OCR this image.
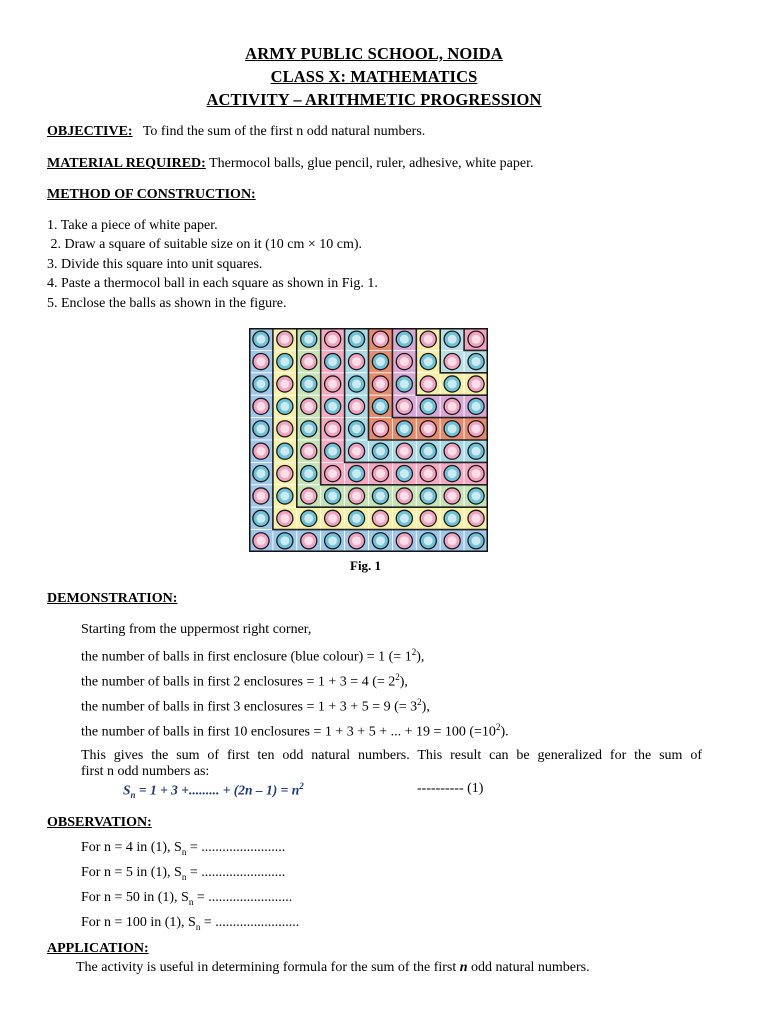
ARMY PUBLIC SCHOOL, NOIDA
CLASS X: MATHEMATICS
ACTIVITY – ARITHMETIC PROGRESSION
OBJECTIVE: To find the sum of the first n odd natural numbers.
MATERIAL REQUIRED: Thermocol balls, glue pencil, ruler, adhesive, white paper.
METHOD OF CONSTRUCTION:
1. Take a piece of white paper.
2. Draw a square of suitable size on it (10 cm × 10 cm).
3. Divide this square into unit squares.
4. Paste a thermocol ball in each square as shown in Fig. 1.
5. Enclose the balls as shown in the figure.
Fig. 1
DEMONSTRATION:
Starting from the uppermost right corner,
the number of balls in first enclosure (blue colour) = 1 (= $1^2$),
the number of balls in first 2 enclosures = 1 + 3 = 4 (= $2^2$),
the number of balls in first 3 enclosures = 1 + 3 + 5 = 9 (= $3^2$),
the number of balls in first 10 enclosures = 1 + 3 + 5 + ... + 19 = 100 $(=10^2)$.
This gives the sum of first ten odd natural numbers. This result can be generalized for the sum of
first n odd numbers as:
$S_n = 1 + 3$ +......... + $(2n - 1) = n^2$	---------- (1)
OBSERVATION:
For n = 4 in (1), $S_n$ = ........................
For n = 5 in (1), $S_n$ = ........................
For n = 50 in (1), $S_n$ = ........................
For n = 100 in (1), $S_n$ = ........................
APPLICATION:
The activity is useful in determining formula for the sum of the first n odd natural numbers.
